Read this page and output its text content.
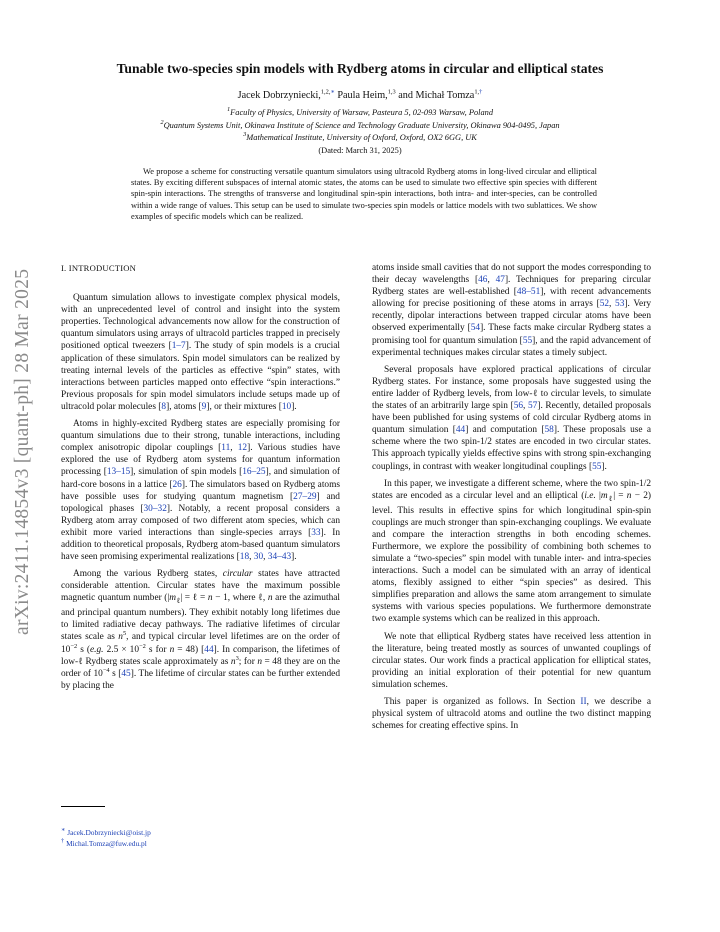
arXiv:2411.14854v3 [quant-ph] 28 Mar 2025
Tunable two-species spin models with Rydberg atoms in circular and elliptical states
Jacek Dobrzyniecki,$^{1,2,∗}$ Paula Heim,$^{1,3}$ and Michał Tomza$^{1,\dagger}$
$^1$Faculty of Physics, University of Warsaw, Pasteura 5, 02-093 Warsaw, Poland
$^2$Quantum Systems Unit, Okinawa Institute of Science and Technology Graduate University, Okinawa 904-0495, Japan
$^3$Mathematical Institute, University of Oxford, Oxford, OX2 6GG, UK
(Dated: March 31, 2025)
We propose a scheme for constructing versatile quantum simulators using ultracold Rydberg atoms in long-lived circular and elliptical states. By exciting different subspaces of internal atomic states, the atoms can be used to simulate two effective spin species with different spin-spin interactions. The strengths of transverse and longitudinal spin-spin interactions, both intra- and inter-species, can be controlled within a wide range of values. This setup can be used to simulate two-species spin models or lattice models with two sublattices. We show examples of specific models which can be realized.

I. INTRODUCTION

Quantum simulation allows to investigate complex physical models, with an unprecedented level of control and insight into the system properties. Technological advancements now allow for the construction of quantum simulators using arrays of ultracold particles trapped in precisely positioned optical tweezers [1–7]. The study of spin models is a crucial application of these simulators. Spin model simulators can be realized by treating internal levels of the particles as effective “spin” states, with interactions between particles mapped onto effective “spin interactions.” Previous proposals for spin model simulators include setups made up of ultracold polar molecules [8], atoms [9], or their mixtures [10].

Atoms in highly-excited Rydberg states are especially promising for quantum simulations due to their strong, tunable interactions, including complex anisotropic dipolar couplings [11, 12]. Various studies have explored the use of Rydberg atom systems for quantum information processing [13–15], simulation of spin models [16–25], and simulation of hard-core bosons in a lattice [26]. The simulators based on Rydberg atoms have possible uses for studying quantum magnetism [27–29] and topological phases [30–32]. Notably, a recent proposal considers a Rydberg atom array composed of two different atom species, which can exhibit more varied interactions than single-species arrays [33]. In addition to theoretical proposals, Rydberg atom-based quantum simulators have seen promising experimental realizations [18, 30, 34–43].

Among the various Rydberg states, circular states have attracted considerable attention. Circular states have the maximum possible magnetic quantum number ($|m_\ell|$ = ℓ = n − 1, where ℓ, n are the azimuthal and principal quantum numbers). They exhibit notably long lifetimes due to limited radiative decay pathways. The radiative lifetimes of circular states scale as $n^5$, and typical circular level lifetimes are on the order of $10^{-2}$ s (e.g. $2.5 \times 10^{-2}$ s for n = 48) [44]. In comparison, the lifetimes of low-ℓ Rydberg states scale approximately as $n^3$; for n = 48 they are on the order of $10^{-4}$ s [45]. The lifetime of circular states can be further extended by placing the

∗ Jacek.Dobrzyniecki@oist.jp
† Michal.Tomza@fuw.edu.pl

atoms inside small cavities that do not support the modes corresponding to their decay wavelengths [46, 47]. Techniques for preparing circular Rydberg states are well-established [48–51], with recent advancements allowing for precise positioning of these atoms in arrays [52, 53]. Very recently, dipolar interactions between trapped circular atoms have been observed experimentally [54]. These facts make circular Rydberg states a promising tool for quantum simulation [55], and the rapid advancement of experimental techniques makes circular states a timely subject.

Several proposals have explored practical applications of circular Rydberg states. For instance, some proposals have suggested using the entire ladder of Rydberg levels, from low-ℓ to circular levels, to simulate the states of an arbitrarily large spin [56, 57]. Recently, detailed proposals have been published for using systems of cold circular Rydberg atoms in quantum simulation [44] and computation [58]. These proposals use a scheme where the two spin-1/2 states are encoded in two circular states. This approach typically yields effective spins with strong spin-exchanging couplings, in contrast with weaker longitudinal couplings [55].

In this paper, we investigate a different scheme, where the two spin-1/2 states are encoded as a circular level and an elliptical (i.e. $|m_\ell| = n - 2$) level. This results in effective spins for which longitudinal spin-spin couplings are much stronger than spin-exchanging couplings. We evaluate and compare the interaction strengths in both encoding schemes. Furthermore, we explore the possibility of combining both schemes to simulate a “two-species” spin model with tunable inter- and intra-species interactions. Such a model can be simulated with an array of identical atoms, flexibly assigned to either “spin species” as desired. This simplifies preparation and allows the same atom arrangement to simulate systems with various species populations. We furthermore demonstrate two example systems which can be realized in this approach.

We note that elliptical Rydberg states have received less attention in the literature, being treated mostly as sources of unwanted couplings of circular states. Our work finds a practical application for elliptical states, providing an initial exploration of their potential for new quantum simulation schemes.

This paper is organized as follows. In Section II, we describe a physical system of ultracold atoms and outline the two distinct mapping schemes for creating effective spins. In
